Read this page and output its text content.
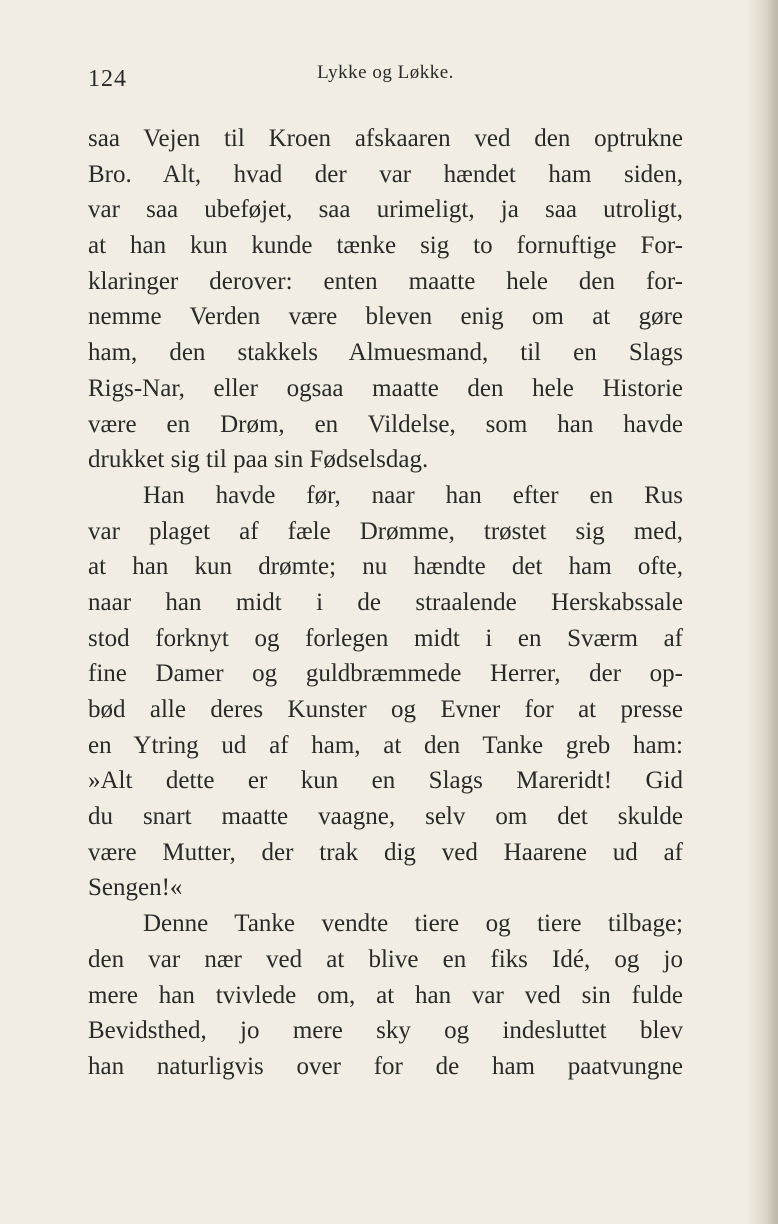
124	Lykke og Løkke.
saa Vejen til Kroen afskaaren ved den optrukne
Bro. Alt, hvad der var hændet ham siden,
var saa ubeføjet, saa urimeligt, ja saa utroligt,
at han kun kunde tænke sig to fornuftige For-
klaringer derover: enten maatte hele den for-
nemme Verden være bleven enig om at gøre
ham, den stakkels Almuesmand, til en Slags
Rigs-Nar, eller ogsaa maatte den hele Historie
være en Drøm, en Vildelse, som han havde
drukket sig til paa sin Fødselsdag.
Han havde før, naar han efter en Rus
var plaget af fæle Drømme, trøstet sig med,
at han kun drømte; nu hændte det ham ofte,
naar han midt i de straalende Herskabssale
stod forknyt og forlegen midt i en Sværm af
fine Damer og guldbræmmede Herrer, der op-
bød alle deres Kunster og Evner for at presse
en Ytring ud af ham, at den Tanke greb ham:
»Alt dette er kun en Slags Mareridt! Gid
du snart maatte vaagne, selv om det skulde
være Mutter, der trak dig ved Haarene ud af
Sengen!«
Denne Tanke vendte tiere og tiere tilbage;
den var nær ved at blive en fiks Idé, og jo
mere han tvivlede om, at han var ved sin fulde
Bevidsthed, jo mere sky og indesluttet blev
han naturligvis over for de ham paatvungne
